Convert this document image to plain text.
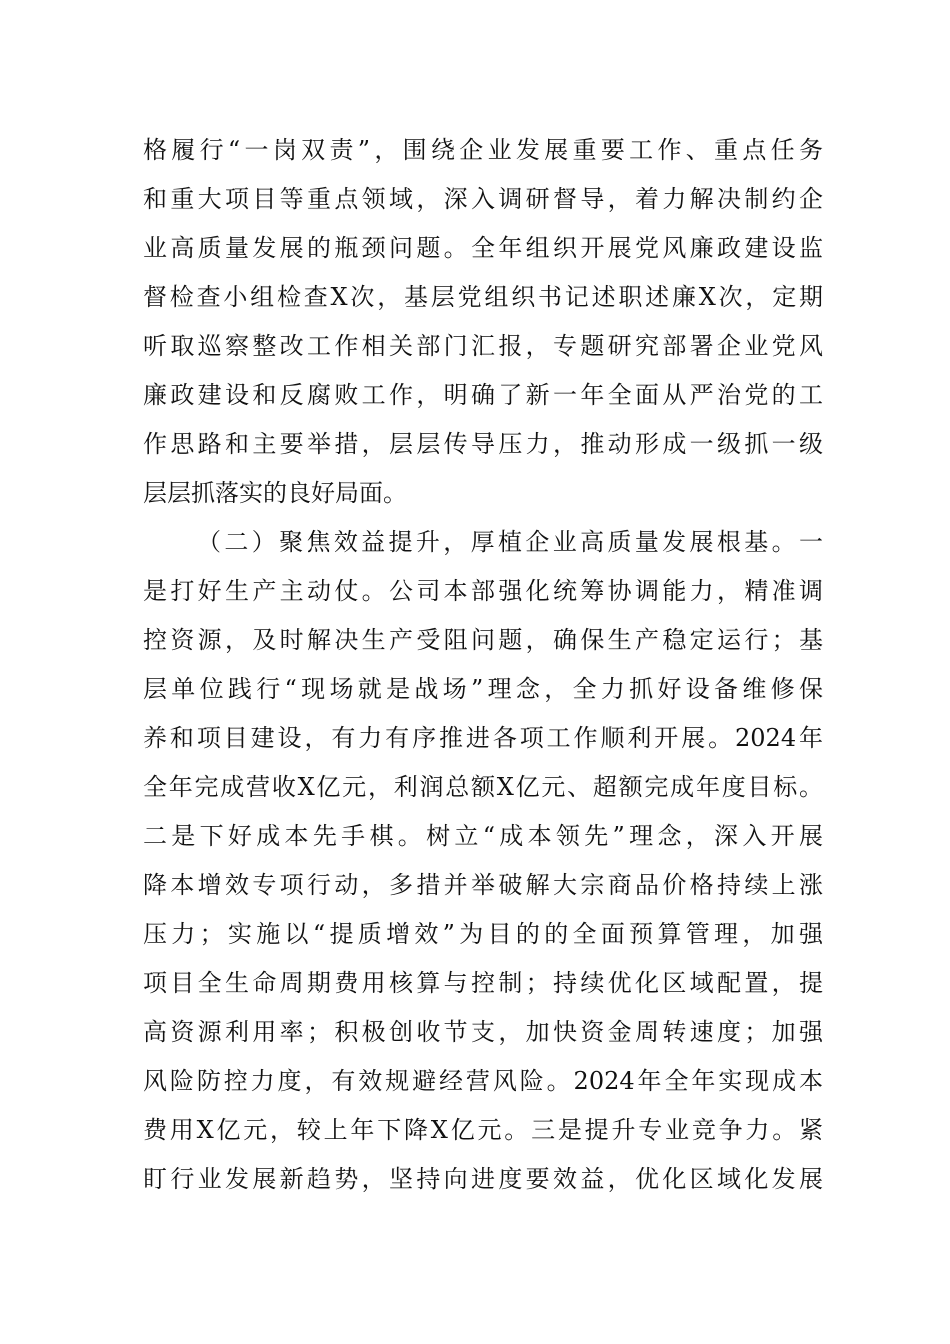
格履行“一岗双责”，围绕企业发展重要工作、重点任务
和重大项目等重点领域，深入调研督导，着力解决制约企
业高质量发展的瓶颈问题。全年组织开展党风廉政建设监
督检查小组检查X次，基层党组织书记述职述廉X次，定期
听取巡察整改工作相关部门汇报，专题研究部署企业党风
廉政建设和反腐败工作，明确了新一年全面从严治党的工
作思路和主要举措，层层传导压力，推动形成一级抓一级
层层抓落实的良好局面。
（二）聚焦效益提升，厚植企业高质量发展根基。一
是打好生产主动仗。公司本部强化统筹协调能力，精准调
控资源，及时解决生产受阻问题，确保生产稳定运行；基
层单位践行“现场就是战场”理念，全力抓好设备维修保
养和项目建设，有力有序推进各项工作顺利开展。2024年
全年完成营收X亿元，利润总额X亿元、超额完成年度目标。
二是下好成本先手棋。树立“成本领先”理念，深入开展
降本增效专项行动，多措并举破解大宗商品价格持续上涨
压力；实施以“提质增效”为目的的全面预算管理，加强
项目全生命周期费用核算与控制；持续优化区域配置，提
高资源利用率；积极创收节支，加快资金周转速度；加强
风险防控力度，有效规避经营风险。2024年全年实现成本
费用X亿元，较上年下降X亿元。三是提升专业竞争力。紧
盯行业发展新趋势，坚持向进度要效益，优化区域化发展
